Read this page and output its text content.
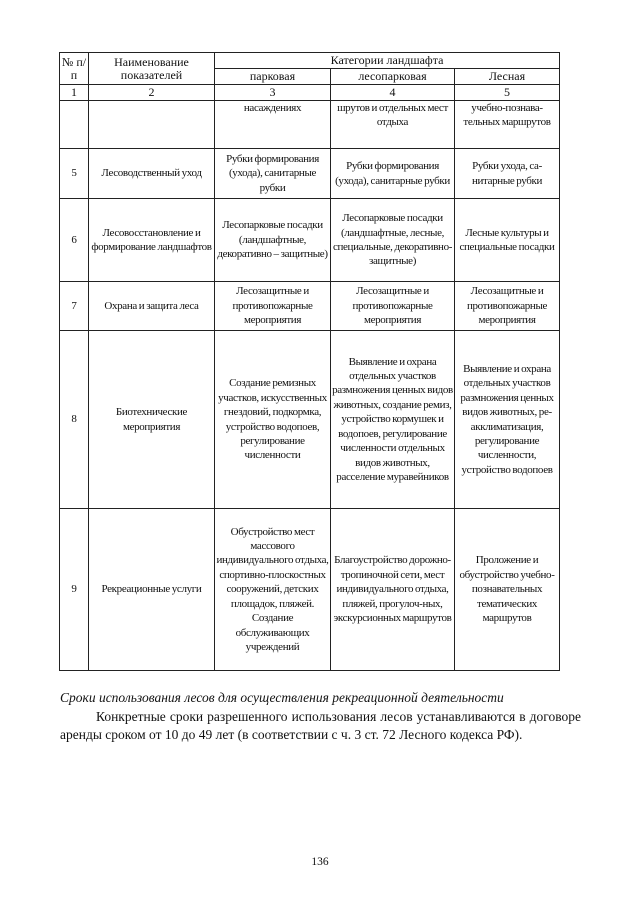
№ п/п	Наименование показателей	Категории ландшафта		
		парковая	лесопарковая	Лесная
1	2	3	4	5
		насаждениях	шрутов и отдельных мест отдыха	учебно-познава-тельных маршрутов
5	Лесоводственный уход	Рубки формирования (ухода), санитарные рубки	Рубки формирования (ухода), санитарные рубки	Рубки ухода, са-нитарные рубки
6	Лесовосстановление и формирование ландшафтов	Лесопарковые посадки (ландшафтные, декоративно – защитные)	Лесопарковые посадки (ландшафтные, лесные, специальные, декоративно-защитные)	Лесные культуры и специальные посадки
7	Охрана и защита леса	Лесозащитные и противопожарные мероприятия	Лесозащитные и противопожарные мероприятия	Лесозащитные и противопожарные мероприятия
8	Биотехнические мероприятия	Создание ремизных участков, искусственных гнездовий, подкормка, устройство водопоев, регулирование численности	Выявление и охрана отдельных участков размножения ценных видов животных, создание ремиз, устройство кормушек и водопоев, регулирование численности отдельных видов животных, расселение муравейников	Выявление и охрана отдельных участков размножения ценных видов животных, ре-акклиматизация, регулирование численности, устройство водопоев
9	Рекреационные услуги	Обустройство мест массового индивидуального отдыха, спортивно-плоскостных сооружений, детских площадок, пляжей. Создание обслуживающих учреждений	Благоустройство дорожно-тропиночной сети, мест индивидуального отдыха, пляжей, прогулоч-ных, экскурсионных маршрутов	Проложение и обустройство учебно-познавательных тематических маршрутов

Сроки использования лесов для осуществления рекреационной деятельности

Конкретные сроки разрешенного использования лесов устанавливаются в договоре аренды сроком от 10 до 49 лет (в соответствии с ч. 3 ст. 72 Лесного кодекса РФ).

136
